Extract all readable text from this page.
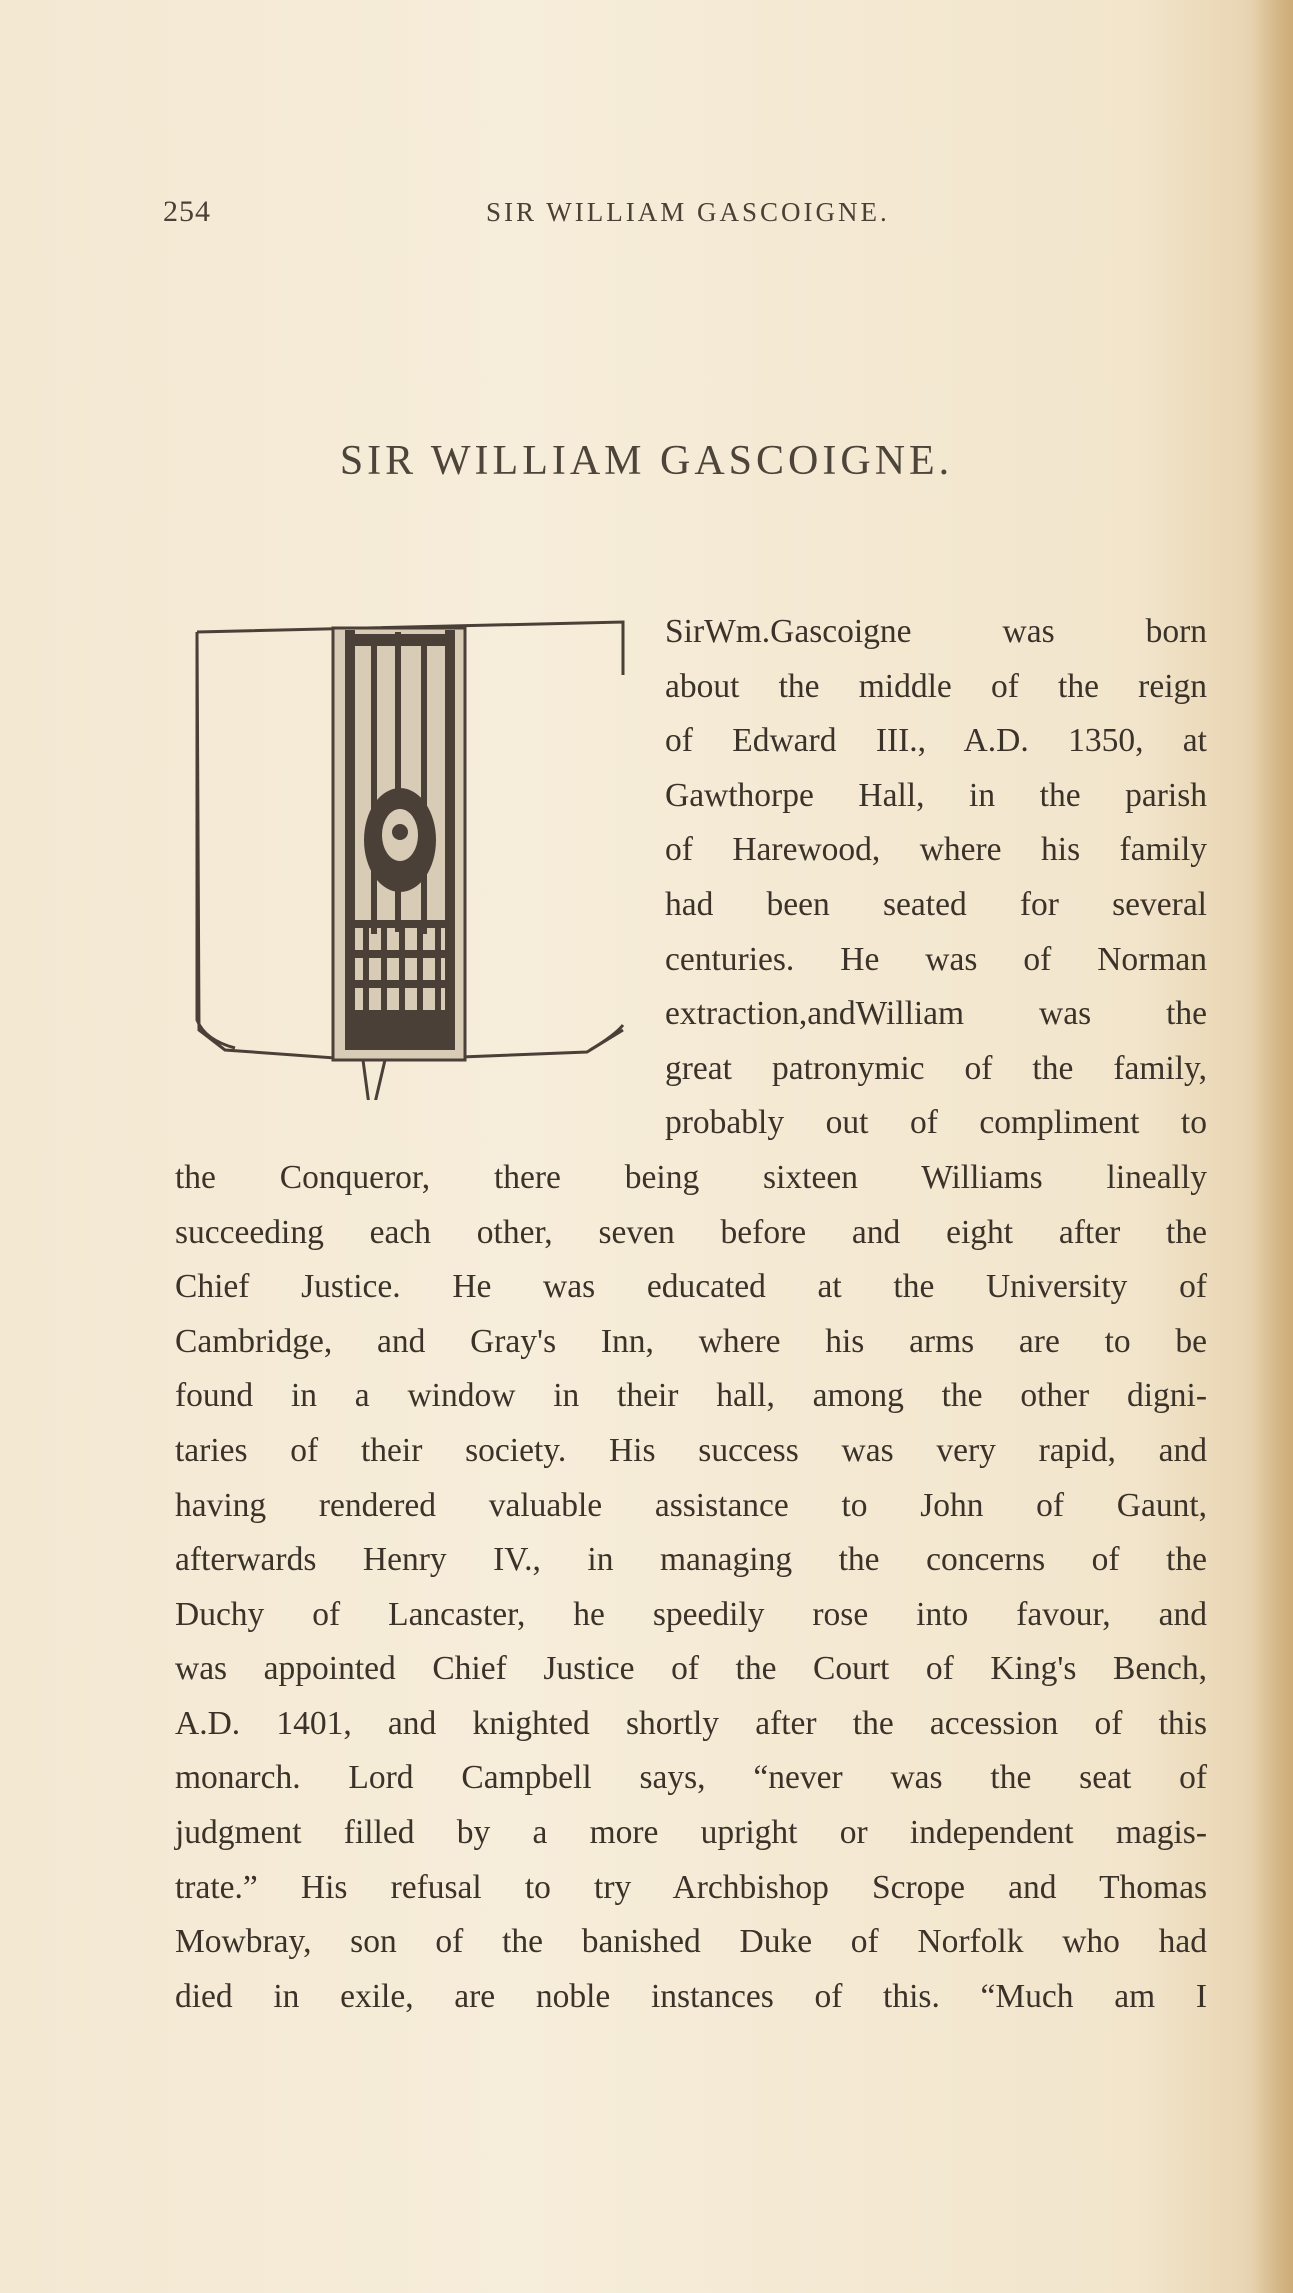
254	SIR WILLIAM GASCOIGNE.
SIR WILLIAM GASCOIGNE.
SirWm.Gascoigne was born
about the middle of the reign
of Edward III., A.D. 1350, at
Gawthorpe Hall, in the parish
of Harewood, where his family
had been seated for several
centuries. He was of Norman
extraction,andWilliam was the
great patronymic of the family,
probably out of compliment to
the Conqueror, there being sixteen Williams lineally
succeeding each other, seven before and eight after the
Chief Justice. He was educated at the University of
Cambridge, and Gray's Inn, where his arms are to be
found in a window in their hall, among the other digni-
taries of their society. His success was very rapid, and
having rendered valuable assistance to John of Gaunt,
afterwards Henry IV., in managing the concerns of the
Duchy of Lancaster, he speedily rose into favour, and
was appointed Chief Justice of the Court of King's Bench,
A.D. 1401, and knighted shortly after the accession of this
monarch. Lord Campbell says, “never was the seat of
judgment filled by a more upright or independent magis-
trate.” His refusal to try Archbishop Scrope and Thomas
Mowbray, son of the banished Duke of Norfolk who had
died in exile, are noble instances of this. “Much am I
